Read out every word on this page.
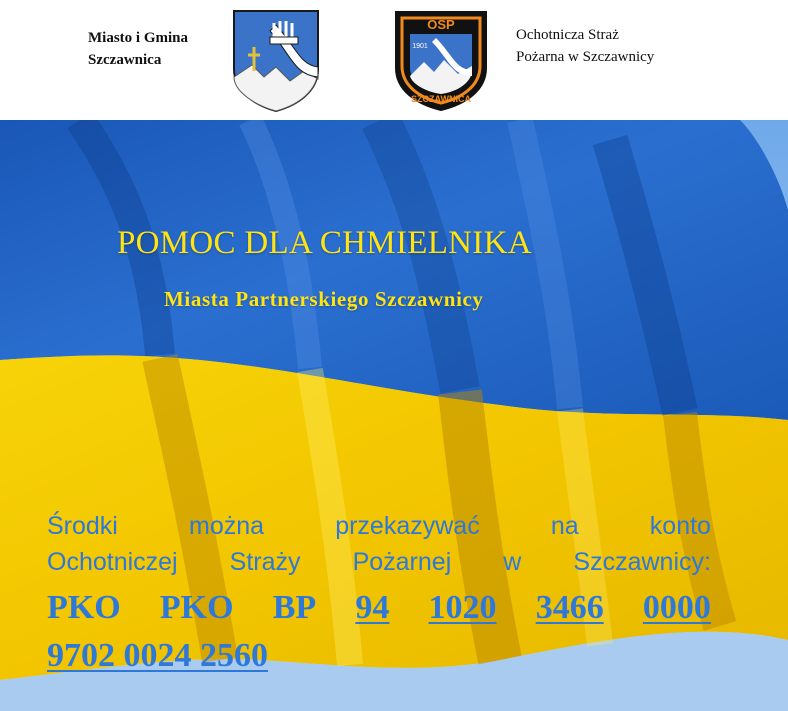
Miasto i Gmina
Szczawnica
OSP
1901
SZCZAWNICA
Ochotnicza Straż
Pożarna w Szczawnicy
POMOC DLA CHMIELNIKA
Miasta Partnerskiego Szczawnicy
Środki	można	przekazywać	na	konto
Ochotniczej Straży Pożarnej w Szczawnicy:
PKO PKO BP 94 1020 3466 0000
9702 0024 2560
